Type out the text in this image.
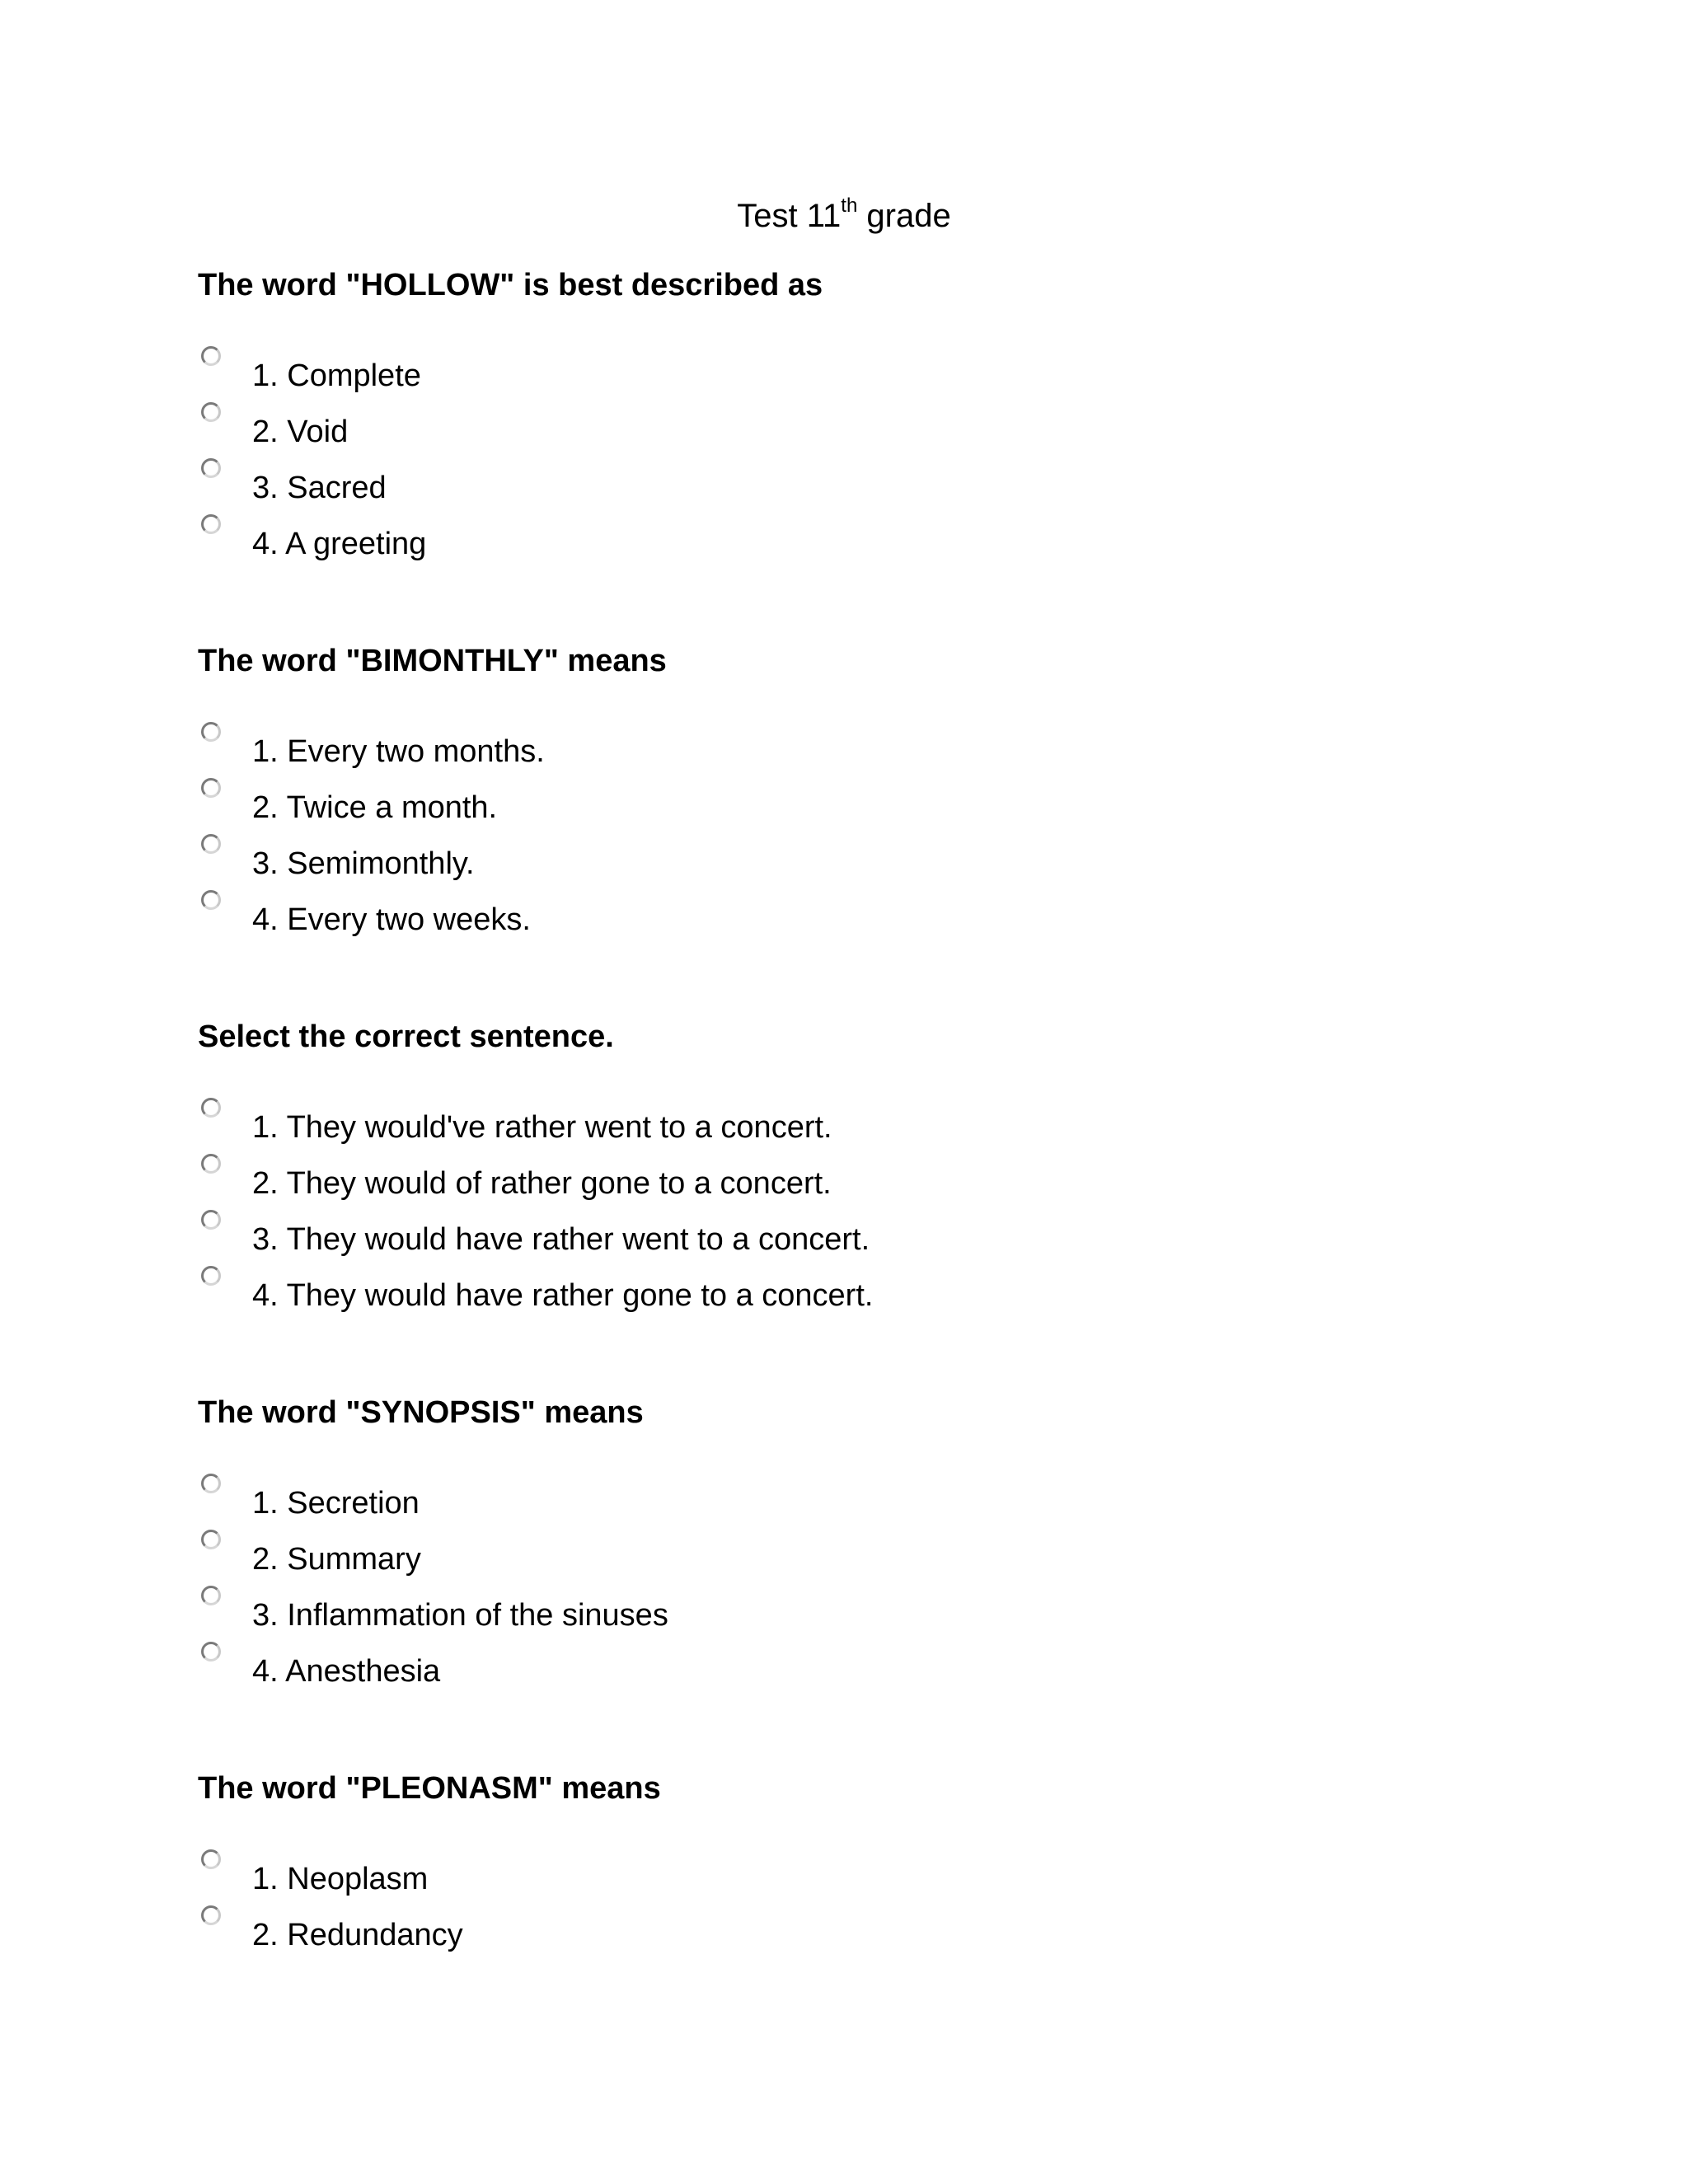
Test 11th grade

The word "HOLLOW" is best described as

1. Complete
2. Void
3. Sacred
4. A greeting

The word "BIMONTHLY" means

1. Every two months.
2. Twice a month.
3. Semimonthly.
4. Every two weeks.

Select the correct sentence.

1. They would've rather went to a concert.
2. They would of rather gone to a concert.
3. They would have rather went to a concert.
4. They would have rather gone to a concert.

The word "SYNOPSIS" means

1. Secretion
2. Summary
3. Inflammation of the sinuses
4. Anesthesia

The word "PLEONASM" means

1. Neoplasm
2. Redundancy
